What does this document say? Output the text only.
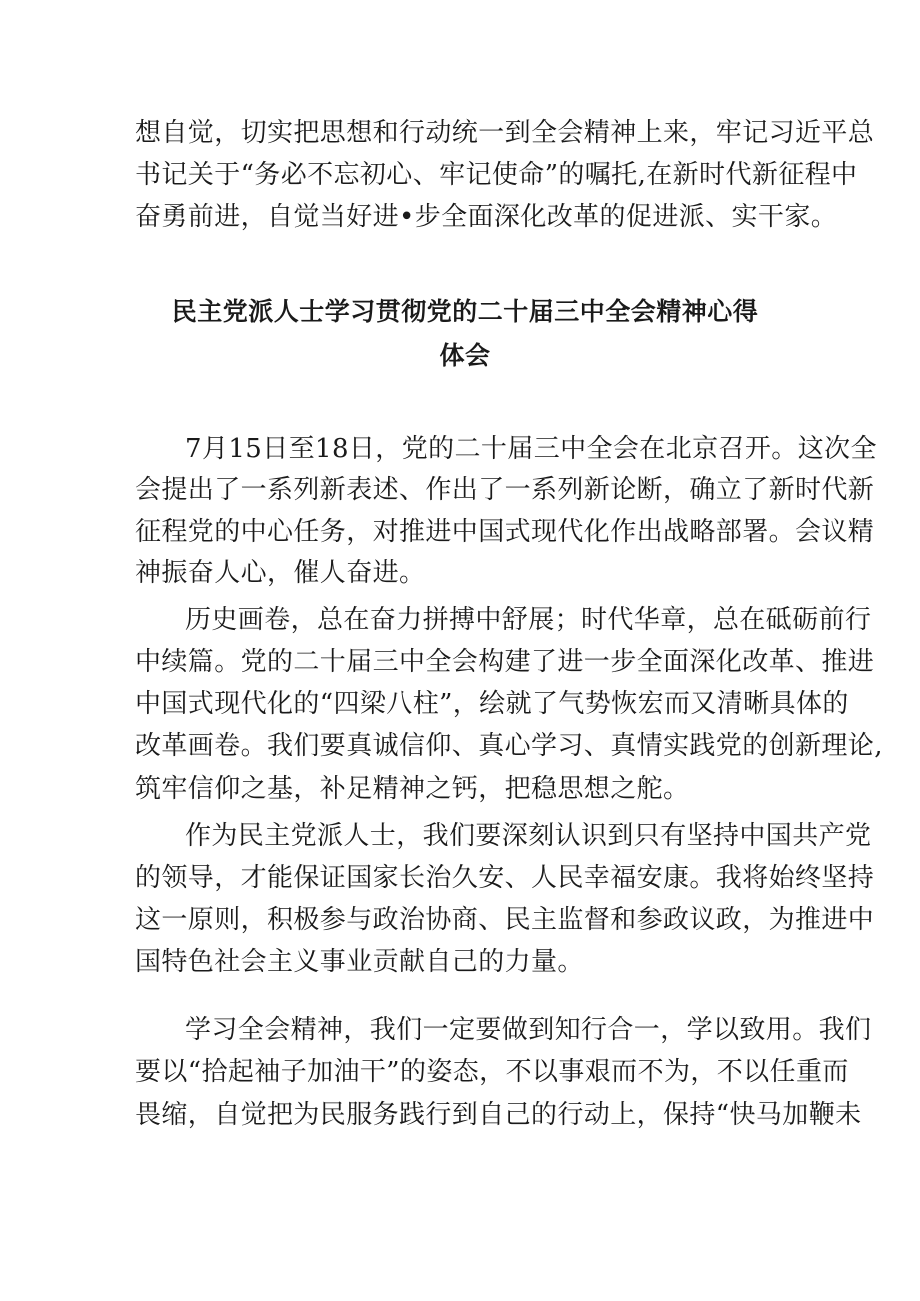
想自觉，切实把思想和行动统一到全会精神上来，牢记习近平总
书记关于“务必不忘初心、牢记使命”的嘱托,在新时代新征程中
奋勇前进，自觉当好进•步全面深化改革的促进派、实干家。
民主党派人士学习贯彻党的二十届三中全会精神心得
体会
7月15日至18日，党的二十届三中全会在北京召开。这次全
会提出了一系列新表述、作出了一系列新论断，确立了新时代新
征程党的中心任务，对推进中国式现代化作出战略部署。会议精
神振奋人心，催人奋进。
历史画卷，总在奋力拼搏中舒展；时代华章，总在砥砺前行
中续篇。党的二十届三中全会构建了进一步全面深化改革、推进
中国式现代化的“四梁八柱”，绘就了气势恢宏而又清晰具体的
改革画卷。我们要真诚信仰、真心学习、真情实践党的创新理论,
筑牢信仰之基，补足精神之钙，把稳思想之舵。
作为民主党派人士，我们要深刻认识到只有坚持中国共产党
的领导，才能保证国家长治久安、人民幸福安康。我将始终坚持
这一原则，积极参与政治协商、民主监督和参政议政，为推进中
国特色社会主义事业贡献自己的力量。
学习全会精神，我们一定要做到知行合一，学以致用。我们
要以“拾起袖子加油干”的姿态，不以事艰而不为，不以任重而
畏缩，自觉把为民服务践行到自己的行动上，保持“快马加鞭未
